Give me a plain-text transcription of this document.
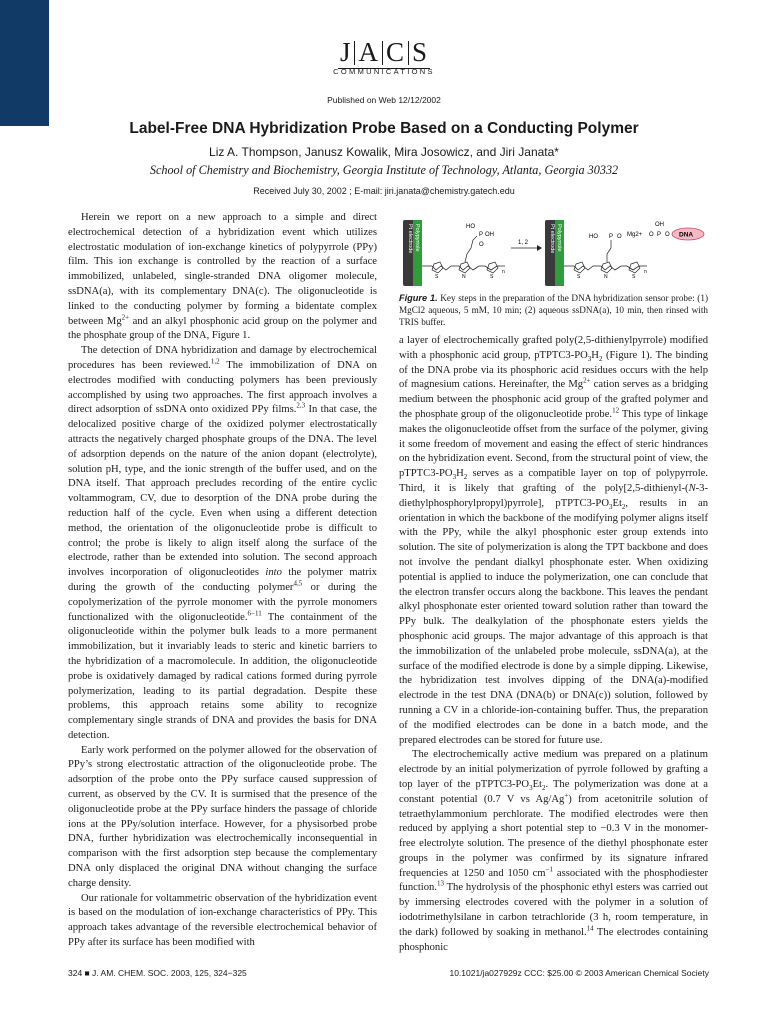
J A C S
COMMUNICATIONS
Published on Web 12/12/2002
Label-Free DNA Hybridization Probe Based on a Conducting Polymer
Liz A. Thompson, Janusz Kowalik, Mira Josowicz, and Jiri Janata*
School of Chemistry and Biochemistry, Georgia Institute of Technology, Atlanta, Georgia 30332
Received July 30, 2002 ; E-mail: jiri.janata@chemistry.gatech.edu

Herein we report on a new approach to a simple and direct electrochemical detection of a hybridization event which utilizes electrostatic modulation of ion-exchange kinetics of polypyrrole (PPy) film. This ion exchange is controlled by the reaction of a surface immobilized, unlabeled, single-stranded DNA oligomer molecule, ssDNA(a), with its complementary DNA(c). The oligonucleotide is linked to the conducting polymer by forming a bidentate complex between $Mg^{2+}$ and an alkyl phosphonic acid group on the polymer and the phosphate group of the DNA, Figure 1.

The detection of DNA hybridization and damage by electrochemical procedures has been reviewed.$^{1,2}$ The immobilization of DNA on electrodes modified with conducting polymers has been previously accomplished by using two approaches. The first approach involves a direct adsorption of ssDNA onto oxidized PPy films.$^{2,3}$ In that case, the delocalized positive charge of the oxidized polymer electrostatically attracts the negatively charged phosphate groups of the DNA. The level of adsorption depends on the nature of the anion dopant (electrolyte), solution pH, type, and the ionic strength of the buffer used, and on the DNA itself. That approach precludes recording of the entire cyclic voltammogram, CV, due to desorption of the DNA probe during the reduction half of the cycle. Even when using a different detection method, the orientation of the oligonucleotide probe is difficult to control; the probe is likely to align itself along the surface of the electrode, rather than be extended into solution. The second approach involves incorporation of oligonucleotides into the polymer matrix during the growth of the conducting polymer$^{4,5}$ or during the copolymerization of the pyrrole monomer with the pyrrole monomers functionalized with the oligonucleotide.$^{6-11}$ The containment of the oligonucleotide within the polymer bulk leads to a more permanent immobilization, but it invariably leads to steric and kinetic barriers to the hybridization of a macromolecule. In addition, the oligonucleotide probe is oxidatively damaged by radical cations formed during pyrrole polymerization, leading to its partial degradation. Despite these problems, this approach retains some ability to recognize complementary single strands of DNA and provides the basis for DNA detection.

Early work performed on the polymer allowed for the observation of PPy’s strong electrostatic attraction of the oligonucleotide probe. The adsorption of the probe onto the PPy surface caused suppression of current, as observed by the CV. It is surmised that the presence of the oligonucleotide probe at the PPy surface hinders the passage of chloride ions at the PPy/solution interface. However, for a physisorbed probe DNA, further hybridization was electrochemically inconsequential in comparison with the first adsorption step because the complementary DNA only displaced the original DNA without changing the surface charge density.

Our rationale for voltammetric observation of the hybridization event is based on the modulation of ion-exchange characteristics of PPy. This approach takes advantage of the reversible electrochemical behavior of PPy after its surface has been modified with

Pt electrode Polypyrrole
S	N	S
n
HO
P OH
O	1, 2	Pt electrode Polypyrrole
S	N	S
n
HO P O Mg2+ O P O
OH
DNA
Figure 1. Key steps in the preparation of the DNA hybridization sensor probe: (1) MgCl2 aqueous, 5 mM, 10 min; (2) aqueous ssDNA(a), 10 min, then rinsed with TRIS buffer.

a layer of electrochemically grafted poly(2,5-dithienylpyrrole) modified with a phosphonic acid group, $pTPTC3-PO_3H_2$ (Figure 1). The binding of the DNA probe via its phosphoric acid residues occurs with the help of magnesium cations. Hereinafter, the $Mg^{2+}$ cation serves as a bridging medium between the phosphonic acid group of the grafted polymer and the phosphate group of the oligonucleotide probe.$^{12}$ This type of linkage makes the oligonucleotide offset from the surface of the polymer, giving it some freedom of movement and easing the effect of steric hindrances on the hybridization event. Second, from the structural point of view, the $pTPTC3-PO_3H_2$ serves as a compatible layer on top of polypyrrole. Third, it is likely that grafting of the poly[2,5-dithienyl-(N-3-diethylphosphorylpropyl)pyrrole], $pTPTC3-PO_3Et_2$, results in an orientation in which the backbone of the modifying polymer aligns itself with the PPy, while the alkyl phosphonic ester group extends into solution. The site of polymerization is along the TPT backbone and does not involve the pendant dialkyl phosphonate ester. When oxidizing potential is applied to induce the polymerization, one can conclude that the electron transfer occurs along the backbone. This leaves the pendant alkyl phosphonate ester oriented toward solution rather than toward the PPy bulk. The dealkylation of the phosphonate esters yields the phosphonic acid groups. The major advantage of this approach is that the immobilization of the unlabeled probe molecule, ssDNA(a), at the surface of the modified electrode is done by a simple dipping. Likewise, the hybridization test involves dipping of the DNA(a)-modified electrode in the test DNA (DNA(b) or DNA(c)) solution, followed by running a CV in a chloride-ion-containing buffer. Thus, the preparation of the modified electrodes can be done in a batch mode, and the prepared electrodes can be stored for future use.

The electrochemically active medium was prepared on a platinum electrode by an initial polymerization of pyrrole followed by grafting a top layer of the $pTPTC3-PO_3Et_2$. The polymerization was done at a constant potential (0.7 V vs Ag/Ag+) from acetonitrile solution of tetraethylammonium perchlorate. The modified electrodes were then reduced by applying a short potential step to −0.3 V in the monomer-free electrolyte solution. The presence of the diethyl phosphonate ester groups in the polymer was confirmed by its signature infrared frequencies at 1250 and 1050 $cm^{-1}$ associated with the phosphodiester function.$^{13}$ The hydrolysis of the phosphonic ethyl esters was carried out by immersing electrodes covered with the polymer in a solution of iodotrimethylsilane in carbon tetrachloride (3 h, room temperature, in the dark) followed by soaking in methanol.$^{14}$ The electrodes containing phosphonic

324 ■ J. AM. CHEM. SOC. 2003, 125, 324−325	10.1021/ja027929z CCC: $25.00 © 2003 American Chemical Society
